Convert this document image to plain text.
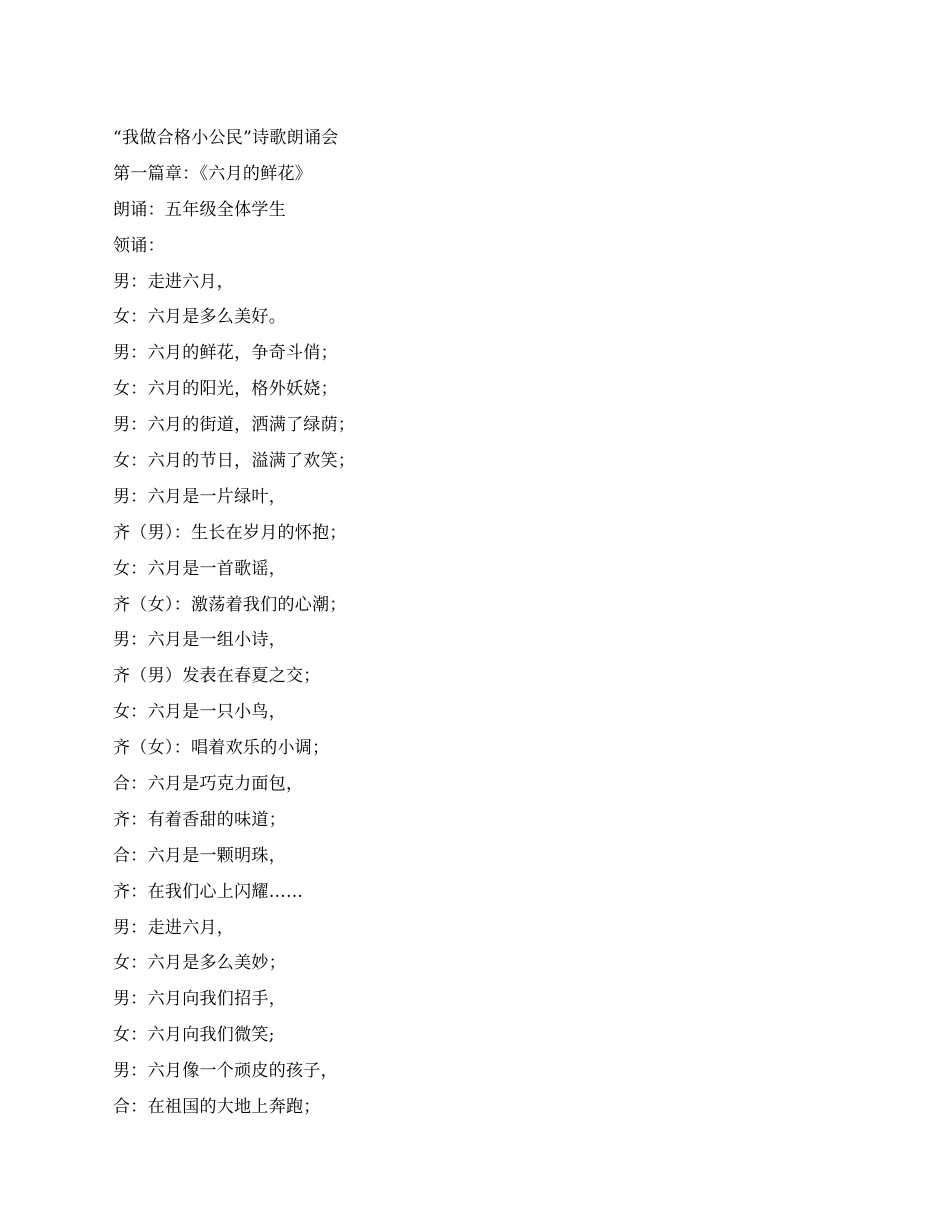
“我做合格小公民”诗歌朗诵会
第一篇章：《六月的鲜花》
朗诵：五年级全体学生
领诵：
男：走进六月，
女：六月是多么美好。
男：六月的鲜花，争奇斗俏；
女：六月的阳光，格外妖娆；
男：六月的街道，洒满了绿荫；
女：六月的节日，溢满了欢笑；
男：六月是一片绿叶，
齐（男）：生长在岁月的怀抱；
女：六月是一首歌谣，
齐（女）：激荡着我们的心潮；
男：六月是一组小诗，
齐（男）发表在春夏之交；
女：六月是一只小鸟，
齐（女）：唱着欢乐的小调；
合：六月是巧克力面包，
齐：有着香甜的味道；
合：六月是一颗明珠，
齐：在我们心上闪耀……
男：走进六月，
女：六月是多么美妙；
男：六月向我们招手，
女：六月向我们微笑;
男：六月像一个顽皮的孩子，
合：在祖国的大地上奔跑；
